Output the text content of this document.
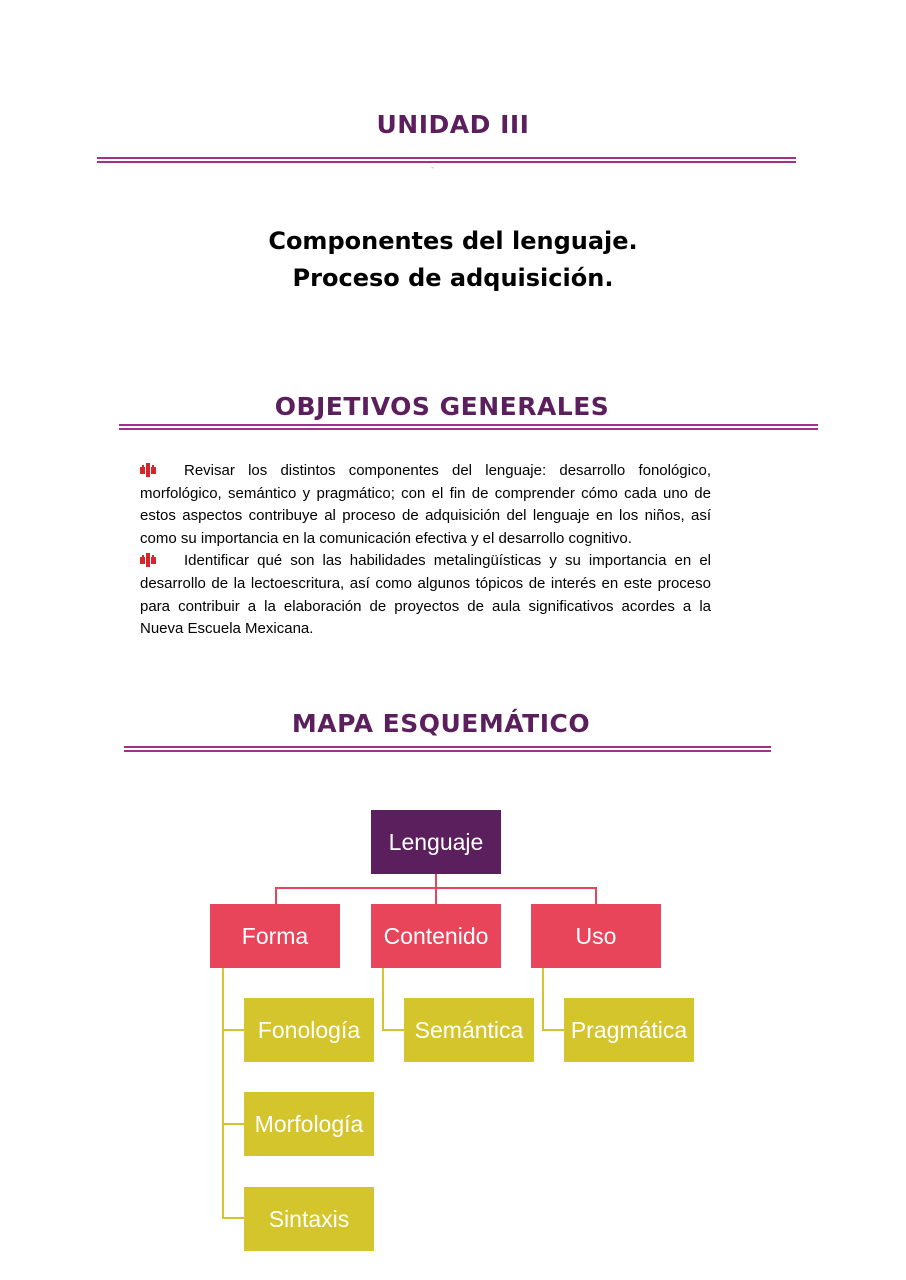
UNIDAD III
°«
Componentes del lenguaje.
Proceso de adquisición.
OBJETIVOS GENERALES
Revisar los distintos componentes del lenguaje: desarrollo fonológico, morfológico, semántico y pragmático; con el fin de comprender cómo cada uno de estos aspectos contribuye al proceso de adquisición del lenguaje en los niños, así como su importancia en la comunicación efectiva y el desarrollo cognitivo.
Identificar qué son las habilidades metalingüísticas y su importancia en el desarrollo de la lectoescritura, así como algunos tópicos de interés en este proceso para contribuir a la elaboración de proyectos de aula significativos acordes a la Nueva Escuela Mexicana.
MAPA ESQUEMÁTICO
Lenguaje
Forma	Contenido	Uso
Fonología
Morfología
Sintaxis
Semántica	Pragmática
